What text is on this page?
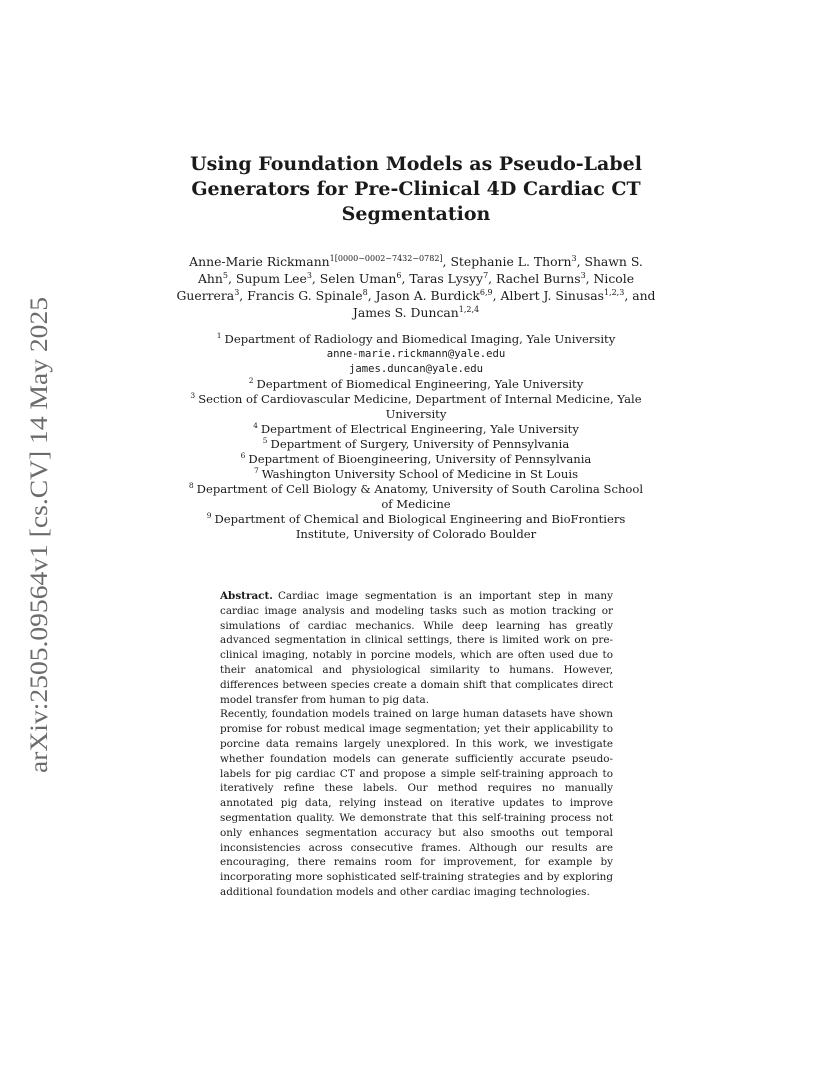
arXiv:2505.09564v1 [cs.CV] 14 May 2025
Using Foundation Models as Pseudo-Label Generators for Pre-Clinical 4D Cardiac CT Segmentation
Anne-Marie Rickmann$^{1[0000-0002-7432-0782]}$, Stephanie L. Thorn$^3$, Shawn S. Ahn$^5$, Supum Lee$^3$, Selen Uman$^6$, Taras Lysyy$^7$, Rachel Burns$^3$, Nicole Guerrera$^3$, Francis G. Spinale$^8$, Jason A. Burdick$^{6,9}$, Albert J. Sinusas$^{1,2,3}$, and James S. Duncan$^{1,2,4}$
$^1$ Department of Radiology and Biomedical Imaging, Yale University
anne-marie.rickmann@yale.edu
james.duncan@yale.edu
$^2$ Department of Biomedical Engineering, Yale University
$^3$ Section of Cardiovascular Medicine, Department of Internal Medicine, Yale University
$^4$ Department of Electrical Engineering, Yale University
$^5$ Department of Surgery, University of Pennsylvania
$^6$ Department of Bioengineering, University of Pennsylvania
$^7$ Washington University School of Medicine in St Louis
$^8$ Department of Cell Biology & Anatomy, University of South Carolina School of Medicine
$^9$ Department of Chemical and Biological Engineering and BioFrontiers Institute, University of Colorado Boulder

Abstract. Cardiac image segmentation is an important step in many cardiac image analysis and modeling tasks such as motion tracking or simulations of cardiac mechanics. While deep learning has greatly advanced segmentation in clinical settings, there is limited work on pre-clinical imaging, notably in porcine models, which are often used due to their anatomical and physiological similarity to humans. However, differences between species create a domain shift that complicates direct model transfer from human to pig data.

Recently, foundation models trained on large human datasets have shown promise for robust medical image segmentation; yet their applicability to porcine data remains largely unexplored. In this work, we investigate whether foundation models can generate sufficiently accurate pseudo-labels for pig cardiac CT and propose a simple self-training approach to iteratively refine these labels. Our method requires no manually annotated pig data, relying instead on iterative updates to improve segmentation quality. We demonstrate that this self-training process not only enhances segmentation accuracy but also smooths out temporal inconsistencies across consecutive frames. Although our results are encouraging, there remains room for improvement, for example by incorporating more sophisticated self-training strategies and by exploring additional foundation models and other cardiac imaging technologies.
